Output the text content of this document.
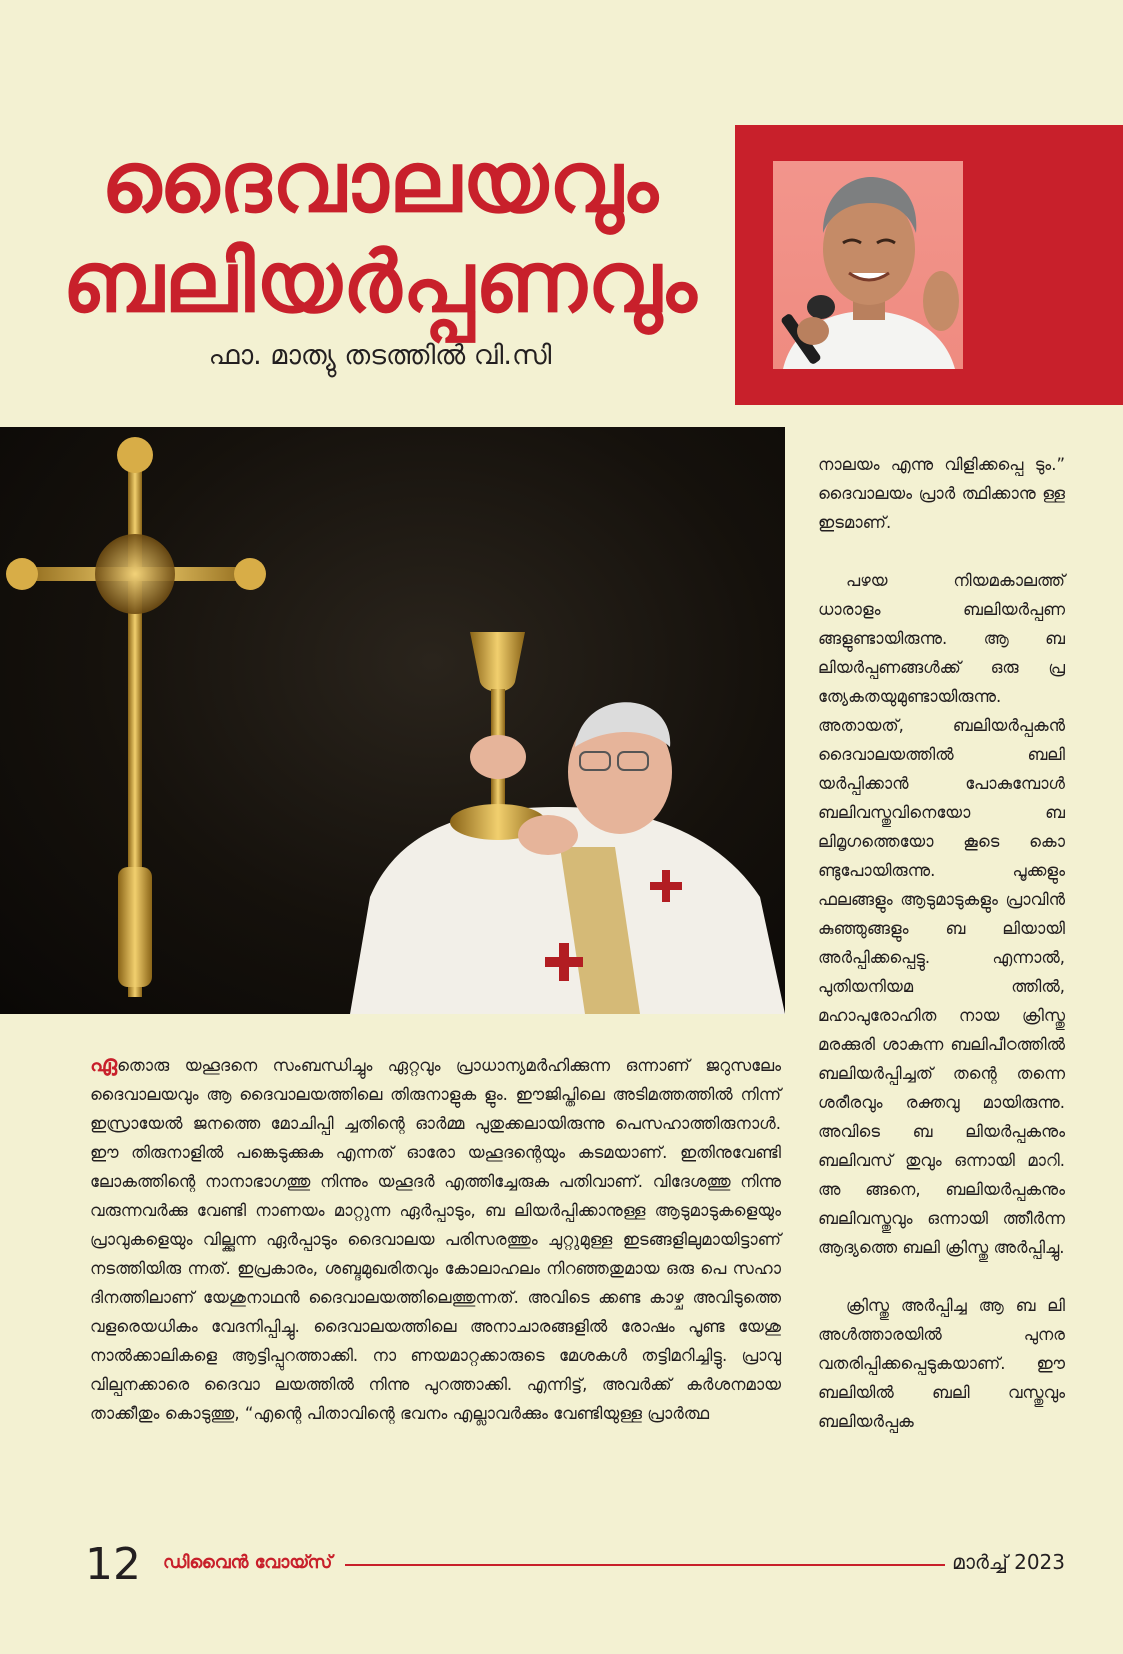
ദൈവാലയവും
ബലിയർപ്പണവും
ഫാ. മാത്യു തടത്തിൽ വി.സി

ഏതൊരു യഹൂദനെ സംബന്ധിച്ചും ഏറ്റവും പ്രാധാന്യമർഹിക്കുന്ന ഒന്നാണ് ജറുസലേം ദൈവാലയവും ആ ദൈവാലയത്തിലെ തിരുനാളുക ളും. ഈജിപ്തിലെ അടിമത്തത്തിൽ നിന്ന് ഇസ്രായേൽ ജനത്തെ മോചിപ്പി ച്ചതിന്റെ ഓർമ്മ പുതുക്കലായിരുന്നു പെസഹാത്തിരുനാൾ. ഈ തിരുനാളിൽ പങ്കെടുക്കുക എന്നത് ഓരോ യഹൂദന്റെയും കടമയാണ്. ഇതിനുവേണ്ടി ലോകത്തിന്റെ നാനാഭാഗത്തു നിന്നും യഹൂദർ എത്തിച്ചേരുക പതിവാണ്. വിദേശത്തു നിന്നു വരുന്നവർക്കു വേണ്ടി നാണയം മാറ്റുന്ന ഏർപ്പാടും, ബ ലിയർപ്പിക്കാനുള്ള ആടുമാടുകളെയും പ്രാവുകളെയും വില്ക്കുന്ന ഏർപ്പാടും ദൈവാലയ പരിസരത്തും ചുറ്റുമുള്ള ഇടങ്ങളിലുമായിട്ടാണ് നടത്തിയിരു ന്നത്. ഇപ്രകാരം, ശബ്ദമുഖരിതവും കോലാഹലം നിറഞ്ഞതുമായ ഒരു പെ സഹാ ദിനത്തിലാണ് യേശുനാഥൻ ദൈവാലയത്തിലെത്തുന്നത്. അവിടെ ക്കണ്ട കാഴ്ച അവിടുത്തെ വളരെയധികം വേദനിപ്പിച്ചു. ദൈവാലയത്തിലെ അനാചാരങ്ങളിൽ രോഷം പൂണ്ട യേശു നാൽക്കാലികളെ ആട്ടിപ്പുറത്താക്കി. നാ ണയമാറ്റക്കാരുടെ മേശകൾ തട്ടിമറിച്ചിട്ടു. പ്രാവു വില്പനക്കാരെ ദൈവാ ലയത്തിൽ നിന്നു പുറത്താക്കി. എന്നിട്ട്, അവർക്ക് കർശനമായ താക്കീതും കൊടുത്തു, “എന്റെ പിതാവിന്റെ ഭവനം എല്ലാവർക്കും വേണ്ടിയുള്ള പ്രാർത്ഥ

നാലയം എന്നു വിളിക്കപ്പെ ടും.” ദൈവാലയം പ്രാർ ത്ഥിക്കാനു ള്ള ഇടമാണ്.

പഴയ നിയമകാലത്ത് ധാരാളം ബലിയർപ്പണ ങ്ങളുണ്ടായിരുന്നു. ആ ബ ലിയർപ്പണങ്ങൾക്ക് ഒരു പ്ര ത്യേകതയുമുണ്ടായിരുന്നു. അതായത്, ബലിയർപ്പകൻ ദൈവാലയത്തിൽ ബലി യർപ്പിക്കാൻ പോകുമ്പോൾ ബലിവസ്തുവിനെയോ ബ ലിമൃഗത്തെയോ കൂടെ കൊ ണ്ടുപോയിരുന്നു. പൂക്കളും ഫലങ്ങളും ആടുമാടുകളും പ്രാവിൻ കുഞ്ഞുങ്ങളും ബ ലിയായി അർപ്പിക്കപ്പെട്ടു. എന്നാൽ, പുതിയനിയമ ത്തിൽ, മഹാപുരോഹിത നായ ക്രിസ്തു മരക്കുരി ശാകുന്ന ബലിപീഠത്തിൽ ബലിയർപ്പിച്ചത് തന്റെ തന്നെ ശരീരവും രക്തവു മായിരുന്നു. അവിടെ ബ ലിയർപ്പകനും ബലിവസ് തുവും ഒന്നായി മാറി. അ ങ്ങനെ, ബലിയർപ്പകനും ബലിവസ്തുവും ഒന്നായി ത്തീർന്ന ആദ്യത്തെ ബലി ക്രിസ്തു അർപ്പിച്ചു.

ക്രിസ്തു അർപ്പിച്ച ആ ബ ലി അൾത്താരയിൽ പുനര വതരിപ്പിക്കപ്പെടുകയാണ്. ഈ ബലിയിൽ ബലി വസ്തുവും ബലിയർപ്പക

12 ഡിവൈൻ വോയ്സ്	മാർച്ച് 2023
